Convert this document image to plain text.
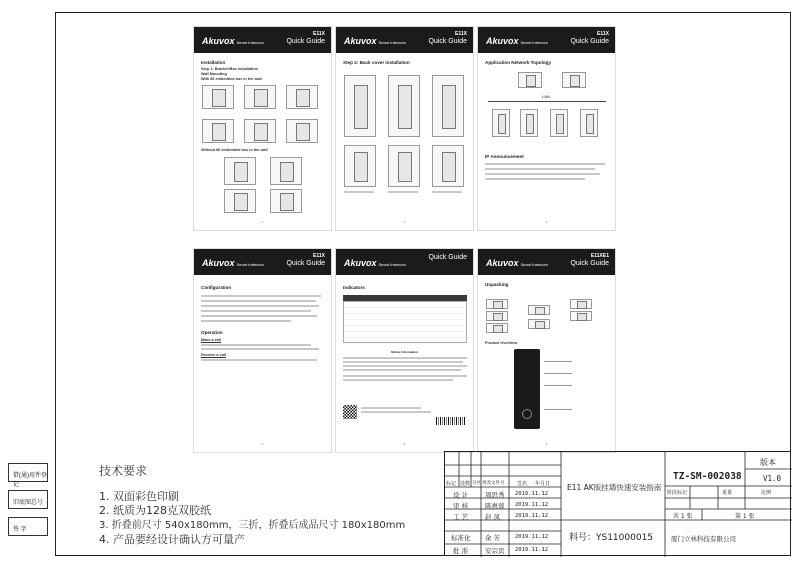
借(通)用件登记
旧底图总号
签 字
Akuvox Smart Intercom
E11X
Quick Guide
Installation
Step 1: Bracket/Box Installation
Wall Mounting
With 86 embedded box in the wall
Without 86 embedded box in the wall
1
Akuvox Smart Intercom
E11X
Quick Guide
Step 2: Back cover installation
2
Akuvox Smart Intercom
E11X
Quick Guide
Application Network Topology
LAN
IP Announcement
3
Akuvox Smart Intercom
E11X
Quick Guide
Configuration
Operation
Make a call
Receive a call
4
Akuvox Smart Intercom
Quick Guide
Indicators
Notice Information
5
Akuvox Smart Intercom
E11XE1
Quick Guide
Unpacking
Product Overview
6
技术要求
1. 双面彩色印刷
2. 纸质为128克双胶纸
3. 折叠前尺寸 540x180mm，三折，折叠后成品尺寸 180x180mm
4. 产品要经设计确认方可量产
标记 处数 分区 更改文件号	签名 年月日
设 计	周思秀 2019.11.12
审 核	陈惠蓉 2019.11.12
工 艺	赵 凤	2019.11.12
标准化 余 芳	2019.11.12
批 准	安宗宾 2019.11.12
E11 AK版挂墙快速安装指南
料号：YS11000015
TZ-SM-002038
版本
V1.0
阶段标记	重量	比例
共 1 张	第 1 张
厦门立林科技有限公司
